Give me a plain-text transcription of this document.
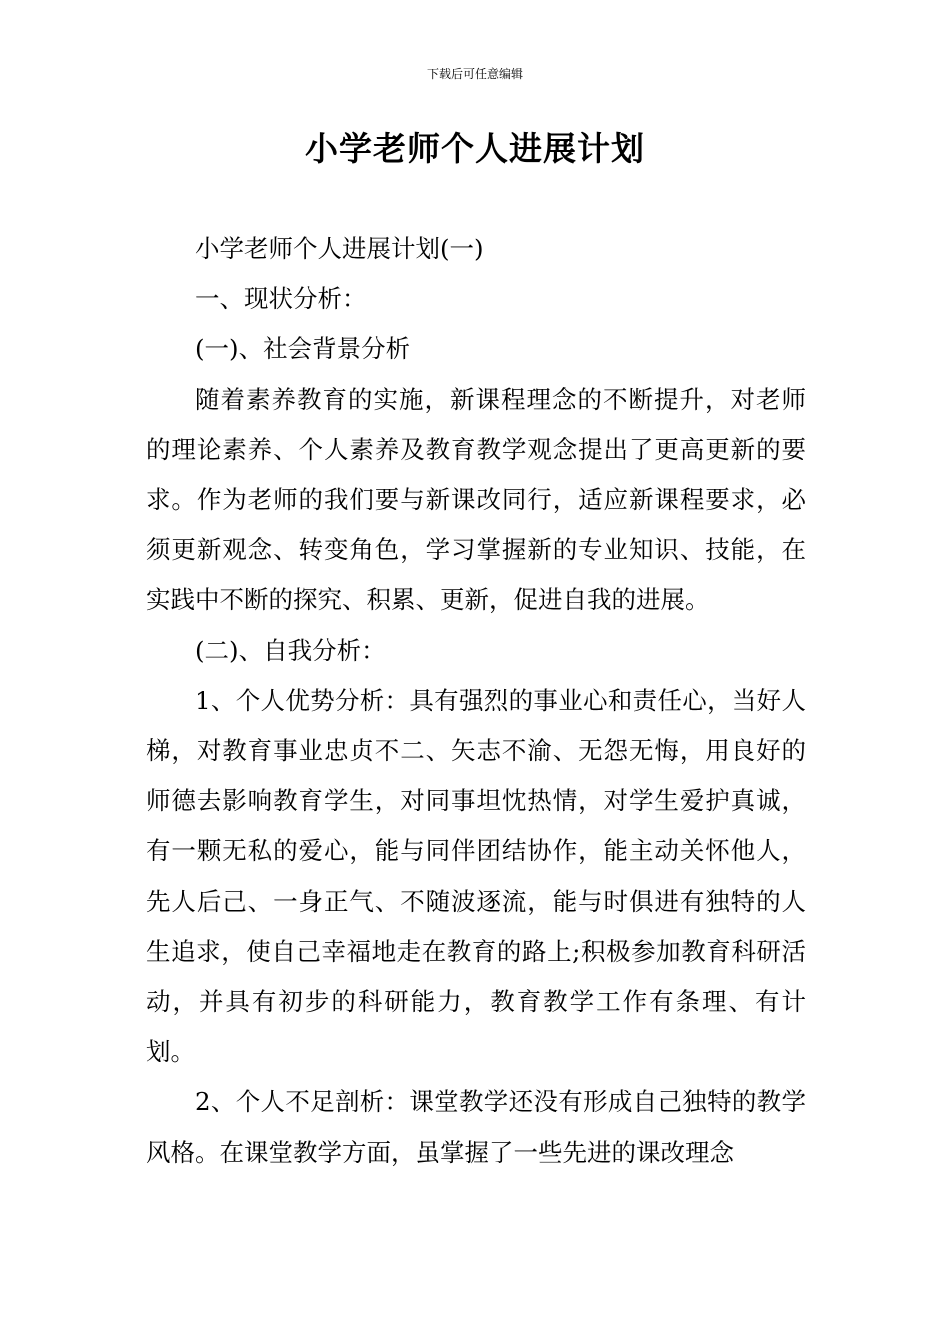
下载后可任意编辑
小学老师个人进展计划

小学老师个人进展计划(一)

一、现状分析：

(一)、社会背景分析

随着素养教育的实施，新课程理念的不断提升，对老师的理论素养、个人素养及教育教学观念提出了更高更新的要求。作为老师的我们要与新课改同行，适应新课程要求，必须更新观念、转变角色，学习掌握新的专业知识、技能，在实践中不断的探究、积累、更新，促进自我的进展。

(二)、自我分析：

1、个人优势分析：具有强烈的事业心和责任心，当好人梯，对教育事业忠贞不二、矢志不渝、无怨无悔，用良好的师德去影响教育学生，对同事坦忱热情，对学生爱护真诚，有一颗无私的爱心，能与同伴团结协作，能主动关怀他人，先人后己、一身正气、不随波逐流，能与时俱进有独特的人生追求，使自己幸福地走在教育的路上;积极参加教育科研活动，并具有初步的科研能力，教育教学工作有条理、有计划。

2、个人不足剖析：课堂教学还没有形成自己独特的教学风格。在课堂教学方面，虽掌握了一些先进的课改理念
